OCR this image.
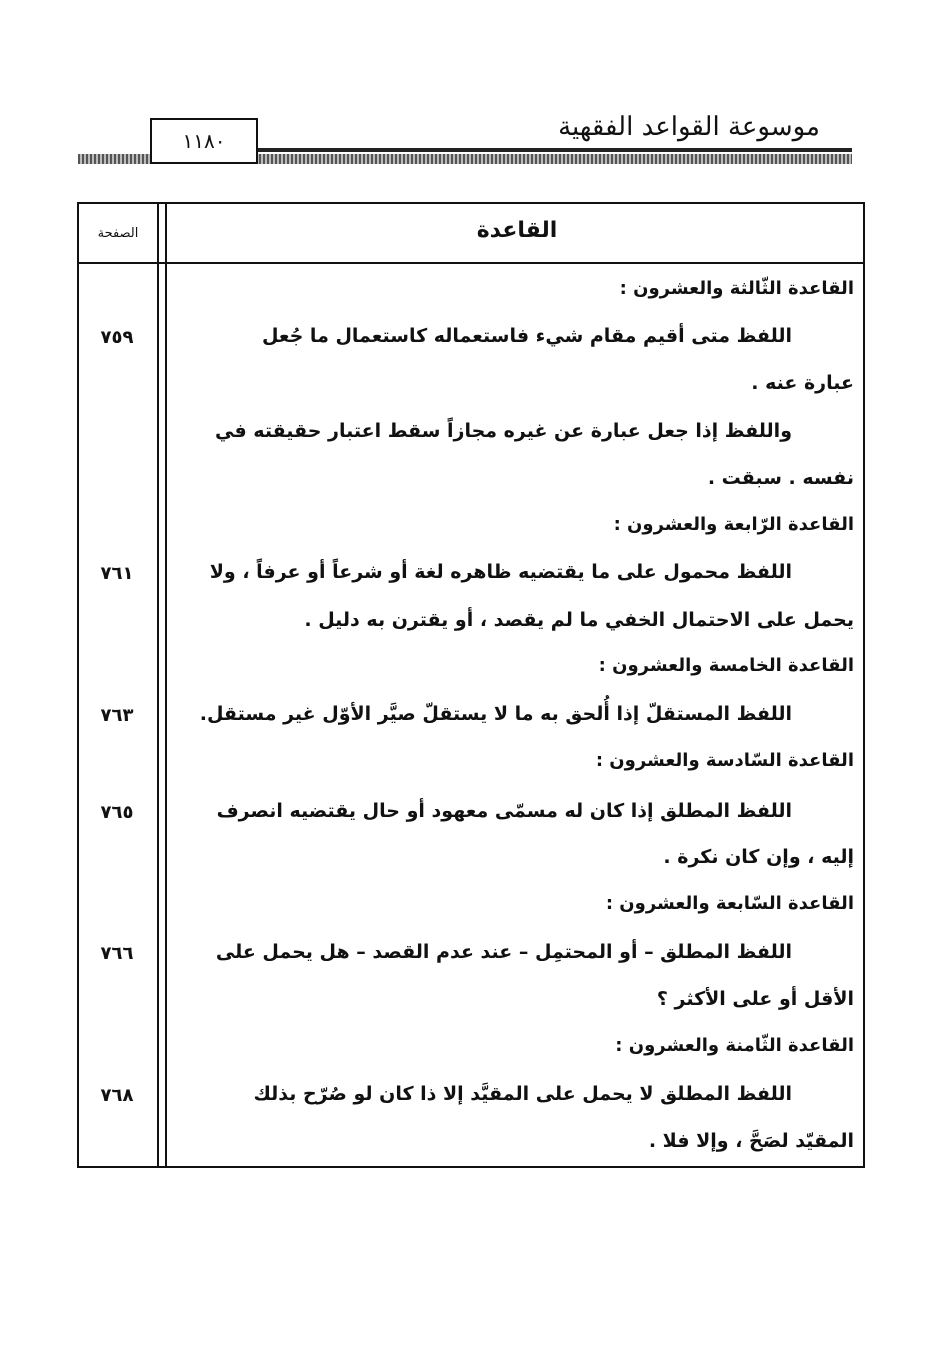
موسوعة القواعد الفقهية
١١٨٠
القاعدة
الصفحة
القاعدة الثّالثة والعشرون :
اللفظ متى أقيم مقام شيء فاستعماله كاستعمال ما جُعل
٧٥٩
عبارة عنه .
واللفظ إذا جعل عبارة عن غيره مجازاً سقط اعتبار حقيقته في
نفسه . سبقت .
القاعدة الرّابعة والعشرون :
اللفظ محمول على ما يقتضيه ظاهره لغة أو شرعاً أو عرفاً ، ولا
٧٦١
يحمل على الاحتمال الخفي ما لم يقصد ، أو يقترن به دليل .
القاعدة الخامسة والعشرون :
اللفظ المستقلّ إذا أُلحق به ما لا يستقلّ صيَّر الأوّل غير مستقل.
٧٦٣
القاعدة السّادسة والعشرون :
اللفظ المطلق إذا كان له مسمّى معهود أو حال يقتضيه انصرف
٧٦٥
إليه ، وإن كان نكرة .
القاعدة السّابعة والعشرون :
اللفظ المطلق – أو المحتمِل – عند عدم القصد – هل يحمل على
٧٦٦
الأقل أو على الأكثر ؟
القاعدة الثّامنة والعشرون :
اللفظ المطلق لا يحمل على المقيَّد إلا ذا كان لو صُرّح بذلك
٧٦٨
المقيّد لصَحَّ ، وإلا فلا .
